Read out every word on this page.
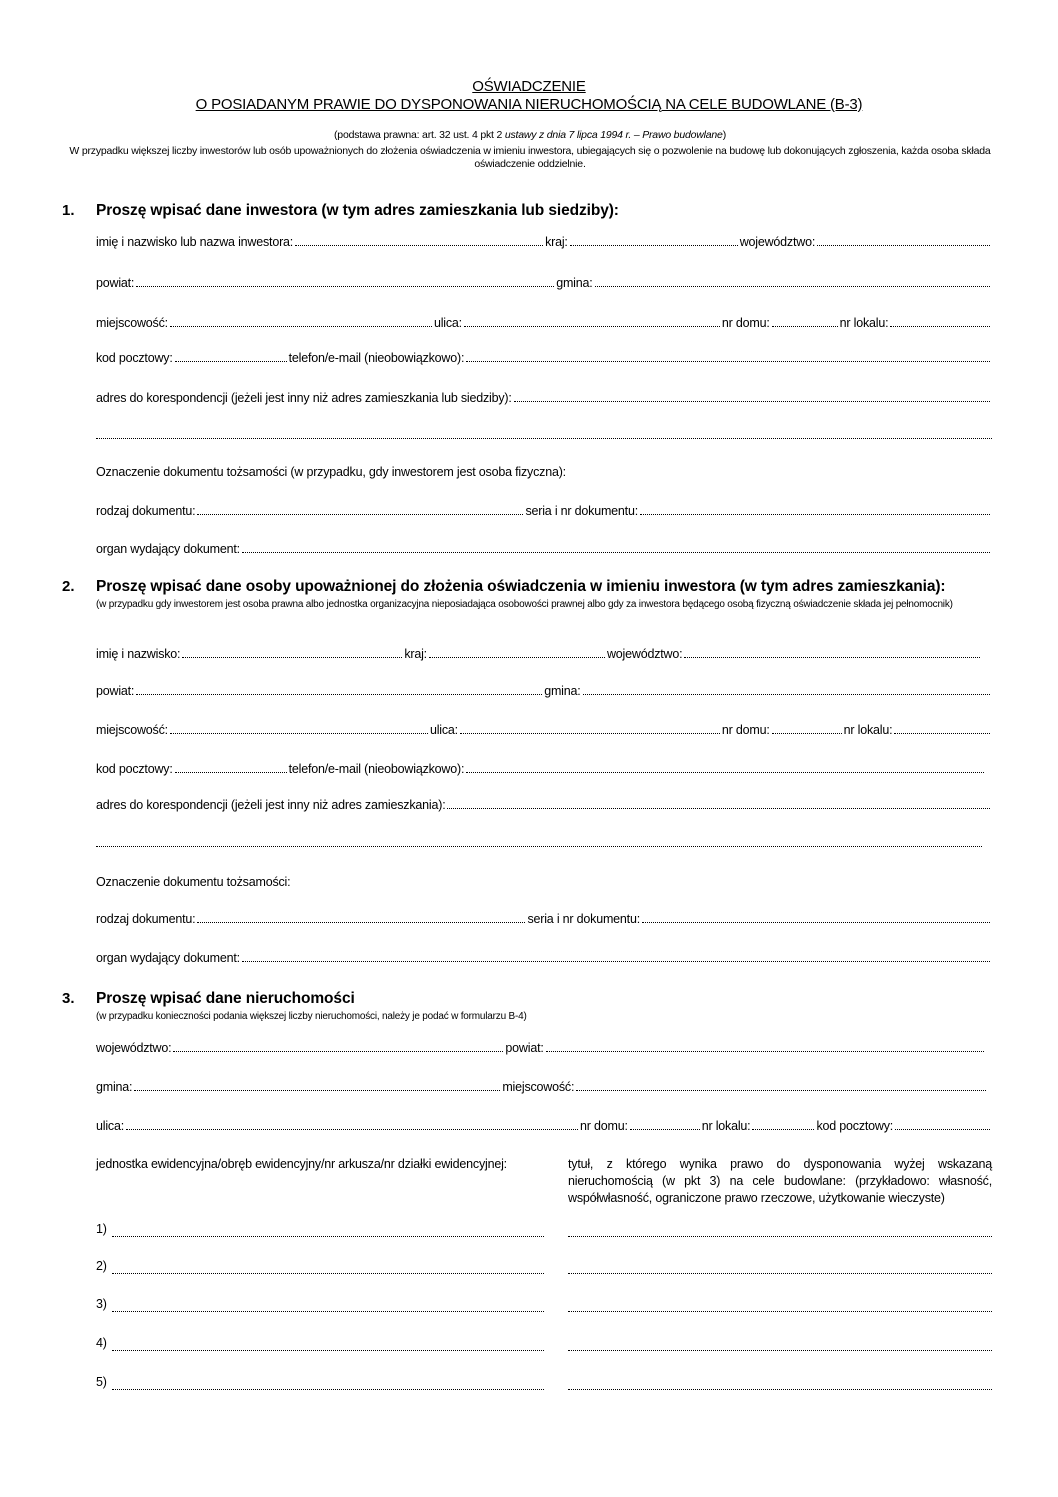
OŚWIADCZENIE
O POSIADANYM PRAWIE DO DYSPONOWANIA NIERUCHOMOŚCIĄ NA CELE BUDOWLANE (B-3)
(podstawa prawna: art. 32 ust. 4 pkt 2 ustawy z dnia 7 lipca 1994 r. – Prawo budowlane)
W przypadku większej liczby inwestorów lub osób upoważnionych do złożenia oświadczenia w imieniu inwestora, ubiegających się o pozwolenie na budowę lub dokonujących zgłoszenia, każda osoba składa oświadczenie oddzielnie.
1. Proszę wpisać dane inwestora (w tym adres zamieszkania lub siedziby):
imię i nazwisko lub nazwa inwestora:	kraj:	województwo:
powiat:	gmina:
miejscowość:	ulica:	nr domu:	nr lokalu:
kod pocztowy:	telefon/e-mail (nieobowiązkowo):
adres do korespondencji (jeżeli jest inny niż adres zamieszkania lub siedziby):
Oznaczenie dokumentu tożsamości (w przypadku, gdy inwestorem jest osoba fizyczna):
rodzaj dokumentu:	seria i nr dokumentu:
organ wydający dokument:
2. Proszę wpisać dane osoby upoważnionej do złożenia oświadczenia w imieniu inwestora (w tym adres zamieszkania):
(w przypadku gdy inwestorem jest osoba prawna albo jednostka organizacyjna nieposiadająca osobowości prawnej albo gdy za inwestora będącego osobą fizyczną oświadczenie składa jej pełnomocnik)
imię i nazwisko:	kraj:	województwo:
powiat:	gmina:
miejscowość:	ulica:	nr domu:	nr lokalu:
kod pocztowy:	telefon/e-mail (nieobowiązkowo):
adres do korespondencji (jeżeli jest inny niż adres zamieszkania):
Oznaczenie dokumentu tożsamości:
rodzaj dokumentu:	seria i nr dokumentu:
organ wydający dokument:
3. Proszę wpisać dane nieruchomości
(w przypadku konieczności podania większej liczby nieruchomości, należy je podać w formularzu B-4)
województwo:	powiat:
gmina:	miejscowość:
ulica:	nr domu:	nr lokalu:	kod pocztowy:
jednostka ewidencyjna/obręb ewidencyjny/nr arkusza/nr działki ewidencyjnej:	tytuł, z którego wynika prawo do dysponowania wyżej wskazaną nieruchomością (w pkt 3) na cele budowlane: (przykładowo: własność, współwłasność, ograniczone prawo rzeczowe, użytkowanie wieczyste)
1)
2)
3)
4)
5)
